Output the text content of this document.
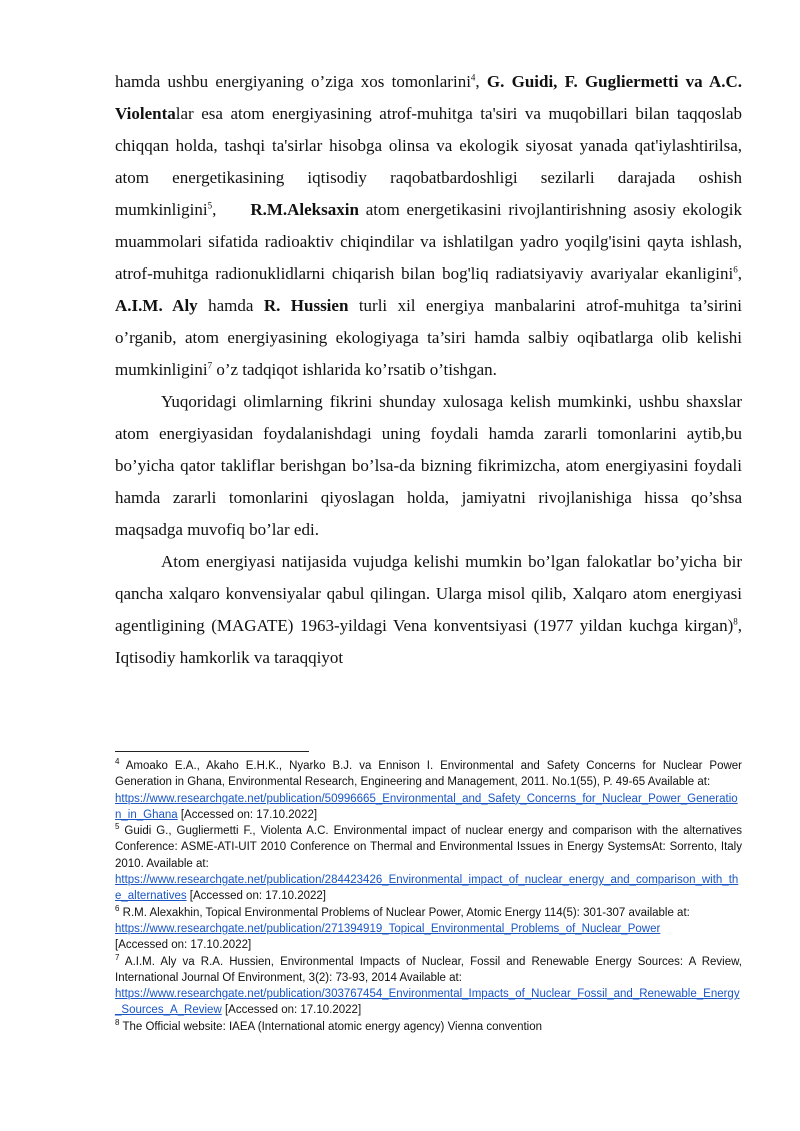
hamda ushbu energiyaning o’ziga xos tomonlarini$^4$, G. Guidi, F. Gugliermetti va A.C. Violentalar esa atom energiyasining atrof-muhitga ta'siri va muqobillari bilan taqqoslab chiqqan holda, tashqi ta'sirlar hisobga olinsa va ekologik siyosat yanada qat'iylashtirilsa, atom energetikasining iqtisodiy raqobatbardoshligi sezilarli darajada oshish mumkinligini$^5$,     R.M.Aleksaxin atom energetikasini rivojlantirishning asosiy ekologik muammolari sifatida radioaktiv chiqindilar va ishlatilgan yadro yoqilg'isini qayta ishlash, atrof-muhitga radionuklidlarni chiqarish bilan bog'liq radiatsiyaviy avariyalar ekanligini$^6$, A.I.M. Aly hamda R. Hussien turli xil energiya manbalarini atrof-muhitga ta’sirini o’rganib, atom energiyasining ekologiyaga ta’siri hamda salbiy oqibatlarga olib kelishi mumkinligini$^7$ o’z tadqiqot ishlarida ko’rsatib o’tishgan.

Yuqoridagi olimlarning fikrini shunday xulosaga kelish mumkinki, ushbu shaxslar atom energiyasidan foydalanishdagi uning foydali hamda zararli tomonlarini aytib,bu bo’yicha qator takliflar berishgan bo’lsa-da bizning fikrimizcha, atom energiyasini foydali hamda zararli tomonlarini qiyoslagan holda, jamiyatni rivojlanishiga hissa qo’shsa maqsadga muvofiq bo’lar edi.

Atom energiyasi natijasida vujudga kelishi mumkin bo’lgan falokatlar bo’yicha bir qancha xalqaro konvensiyalar qabul qilingan. Ularga misol qilib, Xalqaro atom energiyasi agentligining (MAGATE) 1963-yildagi Vena konventsiyasi (1977 yildan kuchga kirgan)$^8$, Iqtisodiy hamkorlik va taraqqiyot

$^4$ Amoako E.A., Akaho E.H.K., Nyarko B.J. va Ennison I. Environmental and Safety Concerns for Nuclear Power Generation in Ghana, Environmental Research, Engineering and Management, 2011. No.1(55), P. 49-65 Available at:
https://www.researchgate.net/publication/50996665_Environmental_and_Safety_Concerns_for_Nuclear_Power_Generation_in_Ghana [Accessed on: 17.10.2022]

$^5$ Guidi G., Gugliermetti F., Violenta A.C. Environmental impact of nuclear energy and comparison with the alternatives Conference: ASME-ATI-UIT 2010 Conference on Thermal and Environmental Issues in Energy SystemsAt: Sorrento, Italy 2010. Available at:
https://www.researchgate.net/publication/284423426_Environmental_impact_of_nuclear_energy_and_comparison_with_the_alternatives [Accessed on: 17.10.2022]

$^6$ R.M. Alexakhin, Topical Environmental Problems of Nuclear Power, Atomic Energy 114(5): 301-307 available at:
https://www.researchgate.net/publication/271394919_Topical_Environmental_Problems_of_Nuclear_Power
[Accessed on: 17.10.2022]

$^7$ A.I.M. Aly va R.A. Hussien, Environmental Impacts of Nuclear, Fossil and Renewable Energy Sources: A Review, International Journal Of Environment, 3(2): 73-93, 2014 Available at:
https://www.researchgate.net/publication/303767454_Environmental_Impacts_of_Nuclear_Fossil_and_Renewable_Energy_Sources_A_Review [Accessed on: 17.10.2022]

$^8$ The Official website: IAEA (International atomic energy agency) Vienna convention
